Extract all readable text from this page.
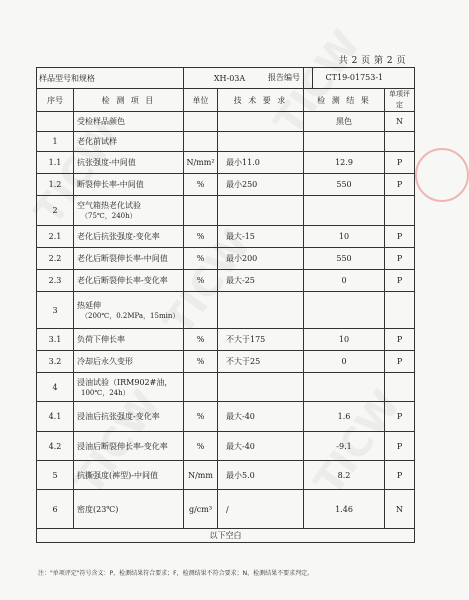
共 2 页 第 2 页
样品型号和规格		XH-03A		报告编号 CT19-01753-1	
序号	检 测 项 目	单位	技 术 要 求	检 测 结 果	单项评定

	受检样品颜色			黑色	N
1	老化前试样				

1.1	抗张强度-中间值	N/mm²	最小11.0	12.9	P
1.2	断裂伸长率-中间值	%	最小250	550	P
2	空气箱热老化试验
（75℃，240h）				

2.1	老化后抗张强度-变化率	%	最大-15	10	P
2.2	老化后断裂伸长率-中间值	%	最小200	550	P
2.3	老化后断裂伸长率-变化率	%	最大-25	0	P
3	热延伸
（200℃，0.2MPa，15min）				

3.1	负荷下伸长率	%	不大于175	10	P
3.2	冷却后永久变形	%	不大于25	0	P
4	浸油试验（IRM902#油，
100℃，24h）				

4.1	浸油后抗张强度-变化率	%	最大-40	1.6	P
4.2	浸油后断裂伸长率-变化率	%	最大-40	-9.1	P
5	抗撕强度(裤型)-中间值	N/mm	最小5.0	8.2	P
6	密度(23℃)	g/cm³	/	1.46	N
以下空白					
注："单项评定"符号含义：P，检测结果符合要求；F，检测结果不符合要求；N，检测结果不要求判定。
